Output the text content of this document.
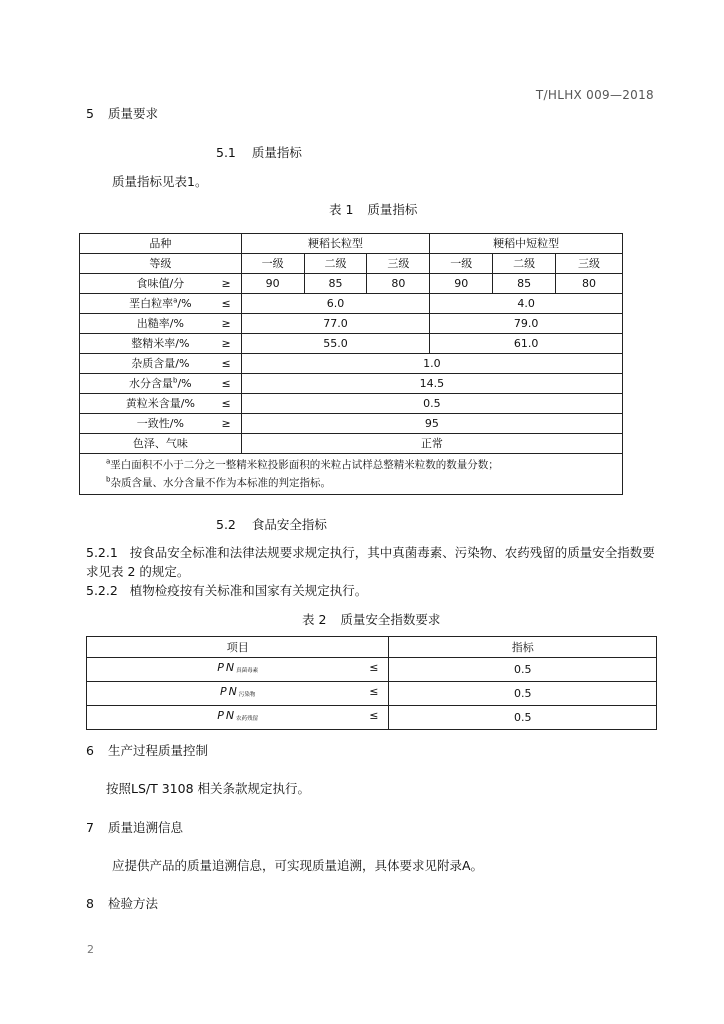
T/HLHX 009—2018
5 质量要求
5.1 质量指标
质量指标见表1。
表 1 质量指标
品种	粳稻长粒型			粳稻中短粒型		
等级	一级	二级	三级	一级	二级	三级
食味值/分 ≥	90	85	80	90	85	80
垩白粒率$^a$/% ≤	6.0			4.0		
出糙率/% ≥	77.0			79.0		
整精米率/% ≥	55.0			61.0		
杂质含量/% ≤	1.0					
水分含量$^b$/% ≤	14.5					
黄粒米含量/% ≤	0.5					
一致性/% ≥	95					
色泽、气味	正常					

$^a$垩白面积不小于二分之一整精米粒投影面积的米粒占试样总整精米粒数的数量分数；
$^b$杂质含量、水分含量不作为本标准的判定指标。						
5.2 食品安全指标
5.2.1 按食品安全标准和法律法规要求规定执行，其中真菌毒素、污染物、农药残留的质量安全指数要
求见表 2 的规定。
5.2.2 植物检疫按有关标准和国家有关规定执行。
表 2 质量安全指数要求
项目	指标
PN真菌毒素 ≤	0.5
PN污染物 ≤	0.5
PN农药残留 ≤	0.5
6 生产过程质量控制
按照LS/T 3108 相关条款规定执行。
7 质量追溯信息
应提供产品的质量追溯信息，可实现质量追溯，具体要求见附录A。
8 检验方法
2
